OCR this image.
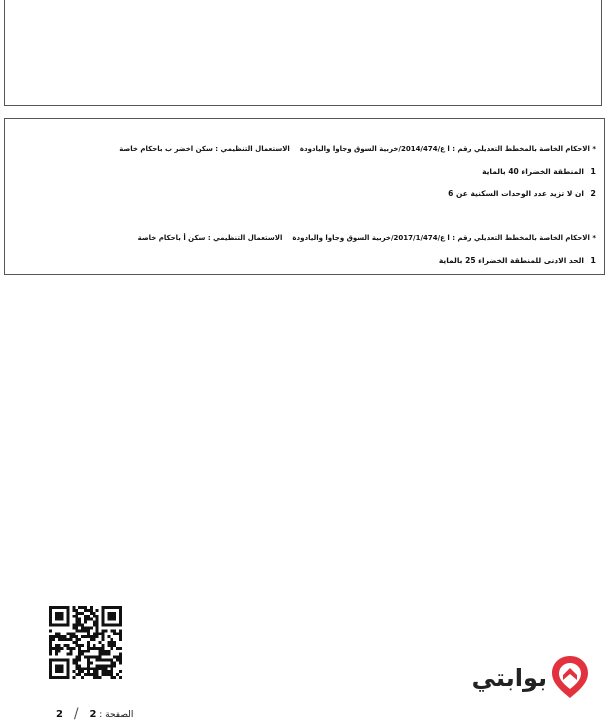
* الاحكام الخاصة بالمخطط التعديلي رقم : ا ع/2014/474/خربية السوق وجاوا واليادودةالاستعمال التنظيمي : سكن اخضر ب باحكام خاصة
1المنطقة الخضراء 40 بالماية
2ان لا تزيد عدد الوحدات السكنية عن 6
* الاحكام الخاصة بالمخطط التعديلي رقم : ا ع/2017/1/474/خربية السوق وجاوا واليادودةالاستعمال التنظيمي : سكن أ باحكام خاصة
1الحد الادنى للمنطقة الخضراء 25 بالماية
بوابتي
الصفحة : 2 / 2
